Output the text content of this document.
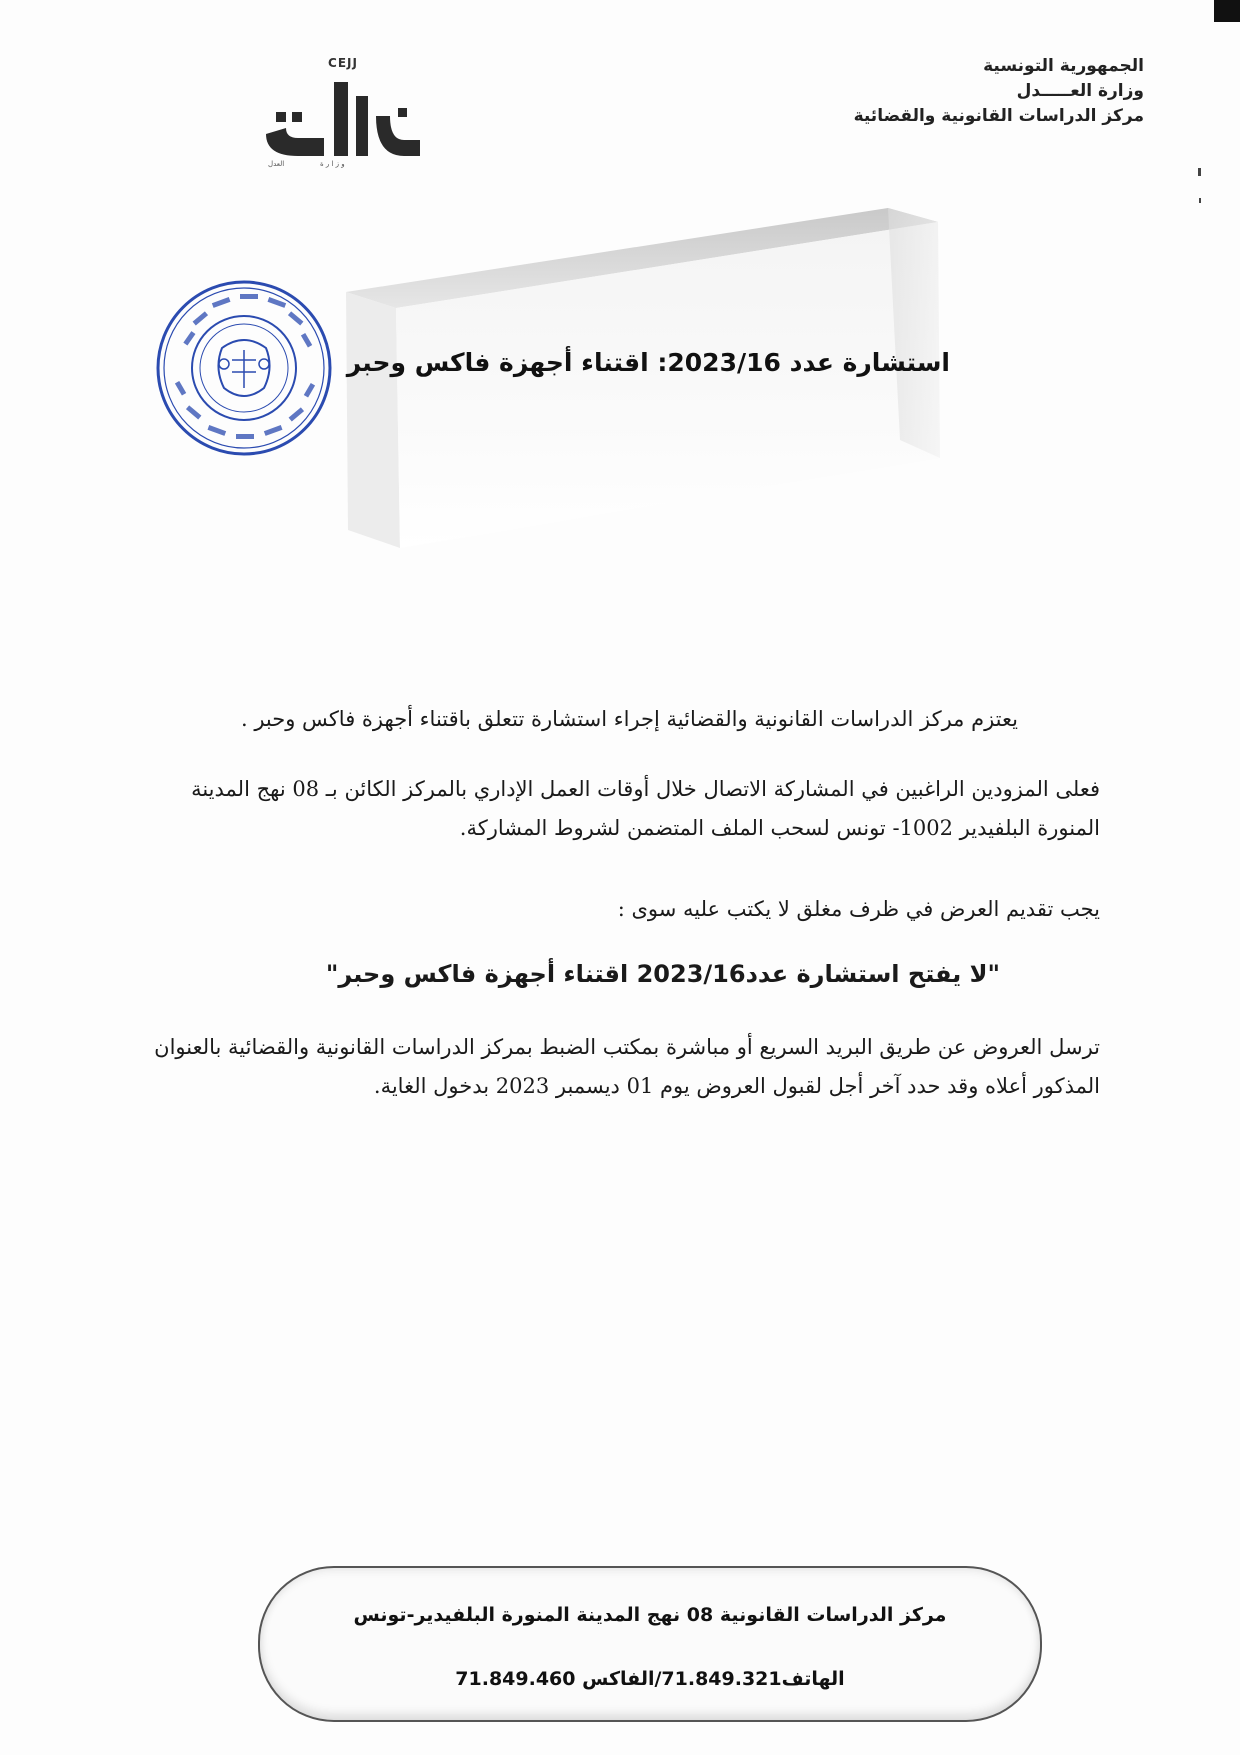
الجمهورية التونسية
وزارة العـــــدل
مركز الدراسات القانونية والقضائية
CEJJ
و ز ا ر ة
العدل
استشارة عدد 2023/16: اقتناء أجهزة فاكس وحبر
يعتزم مركز الدراسات القانونية والقضائية إجراء استشارة تتعلق باقتناء أجهزة فاكس وحبر .
فعلى المزودين الراغبين في المشاركة الاتصال خلال أوقات العمل الإداري بالمركز الكائن بـ 08 نهج المدينة المنورة البلفيدير 1002- تونس لسحب الملف المتضمن لشروط المشاركة.
يجب تقديم العرض في ظرف مغلق لا يكتب عليه سوى :
"لا يفتح استشارة عدد2023/16 اقتناء أجهزة فاكس وحبر"
ترسل العروض عن طريق البريد السريع أو مباشرة بمكتب الضبط بمركز الدراسات القانونية والقضائية بالعنوان المذكور أعلاه وقد حدد آخر أجل لقبول العروض يوم 01 ديسمبر 2023 بدخول الغاية.
مركز الدراسات القانونية 08 نهج المدينة المنورة البلفيدير-تونس
الهاتف71.849.321/الفاكس 71.849.460
